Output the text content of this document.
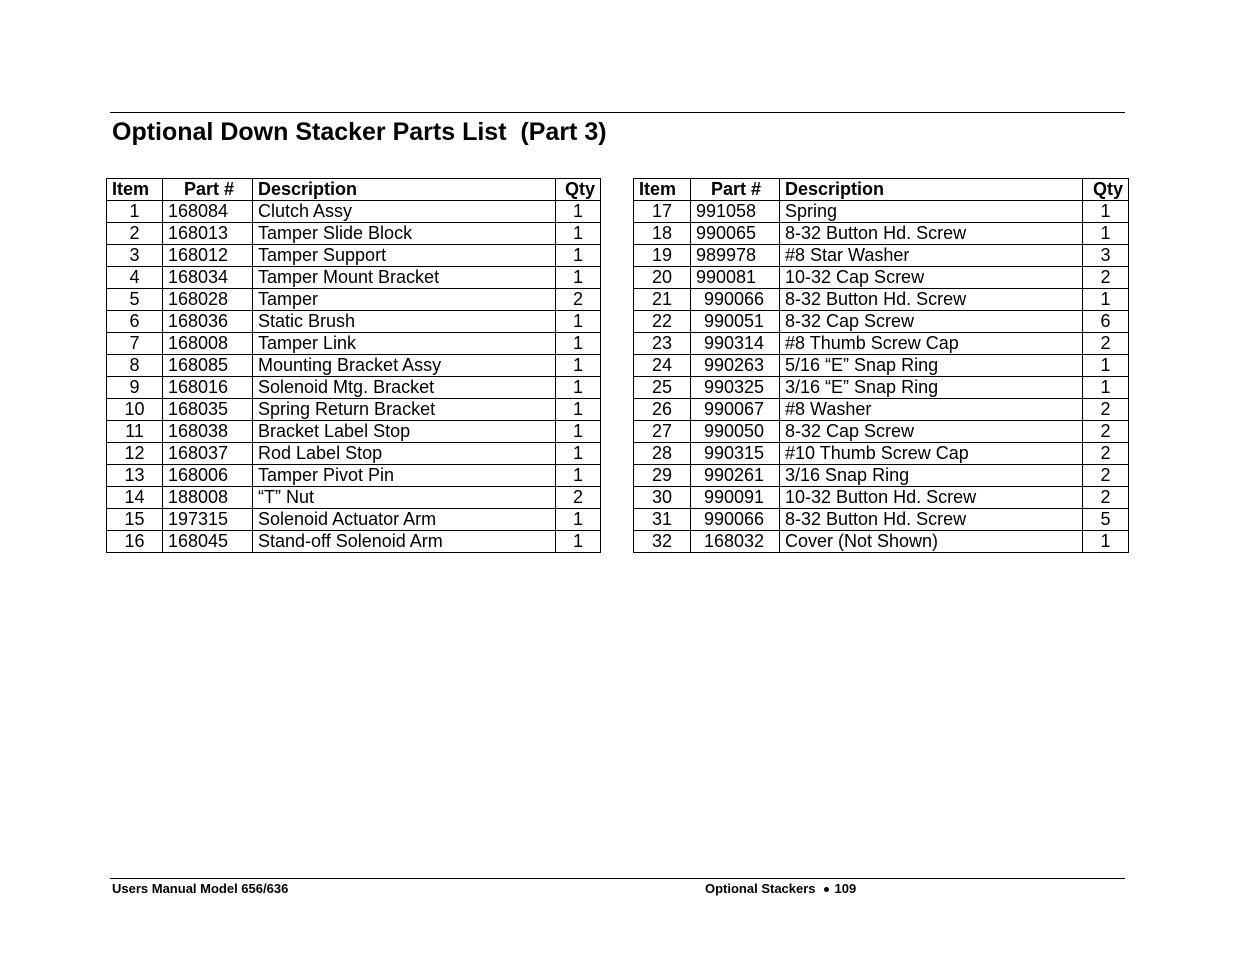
Optional Down Stacker Parts List  (Part 3)
Item	Part #	Description	Qty
1	168084	Clutch Assy	1
2	168013	Tamper Slide Block	1
3	168012	Tamper Support	1
4	168034	Tamper Mount Bracket	1
5	168028	Tamper	2
6	168036	Static Brush	1
7	168008	Tamper Link	1
8	168085	Mounting Bracket Assy	1
9	168016	Solenoid Mtg. Bracket	1
10	168035	Spring Return Bracket	1
11	168038	Bracket Label Stop	1
12	168037	Rod Label Stop	1
13	168006	Tamper Pivot Pin	1
14	188008	“T” Nut	2
15	197315	Solenoid Actuator Arm	1
16	168045	Stand-off Solenoid Arm	1
Item	Part #	Description	Qty
17	991058	Spring	1
18	990065	8-32 Button Hd. Screw	1
19	989978	#8 Star Washer	3
20	990081	10-32 Cap Screw	2
21	990066	8-32 Button Hd. Screw	1
22	990051	8-32 Cap Screw	6
23	990314	#8 Thumb Screw Cap	2
24	990263	5/16 “E” Snap Ring	1
25	990325	3/16 “E” Snap Ring	1
26	990067	#8 Washer	2
27	990050	8-32 Cap Screw	2
28	990315	#10 Thumb Screw Cap	2
29	990261	3/16 Snap Ring	2
30	990091	10-32 Button Hd. Screw	2
31	990066	8-32 Button Hd. Screw	5
32	168032	Cover (Not Shown)	1
Users Manual Model 656/636	Optional Stackers 109
